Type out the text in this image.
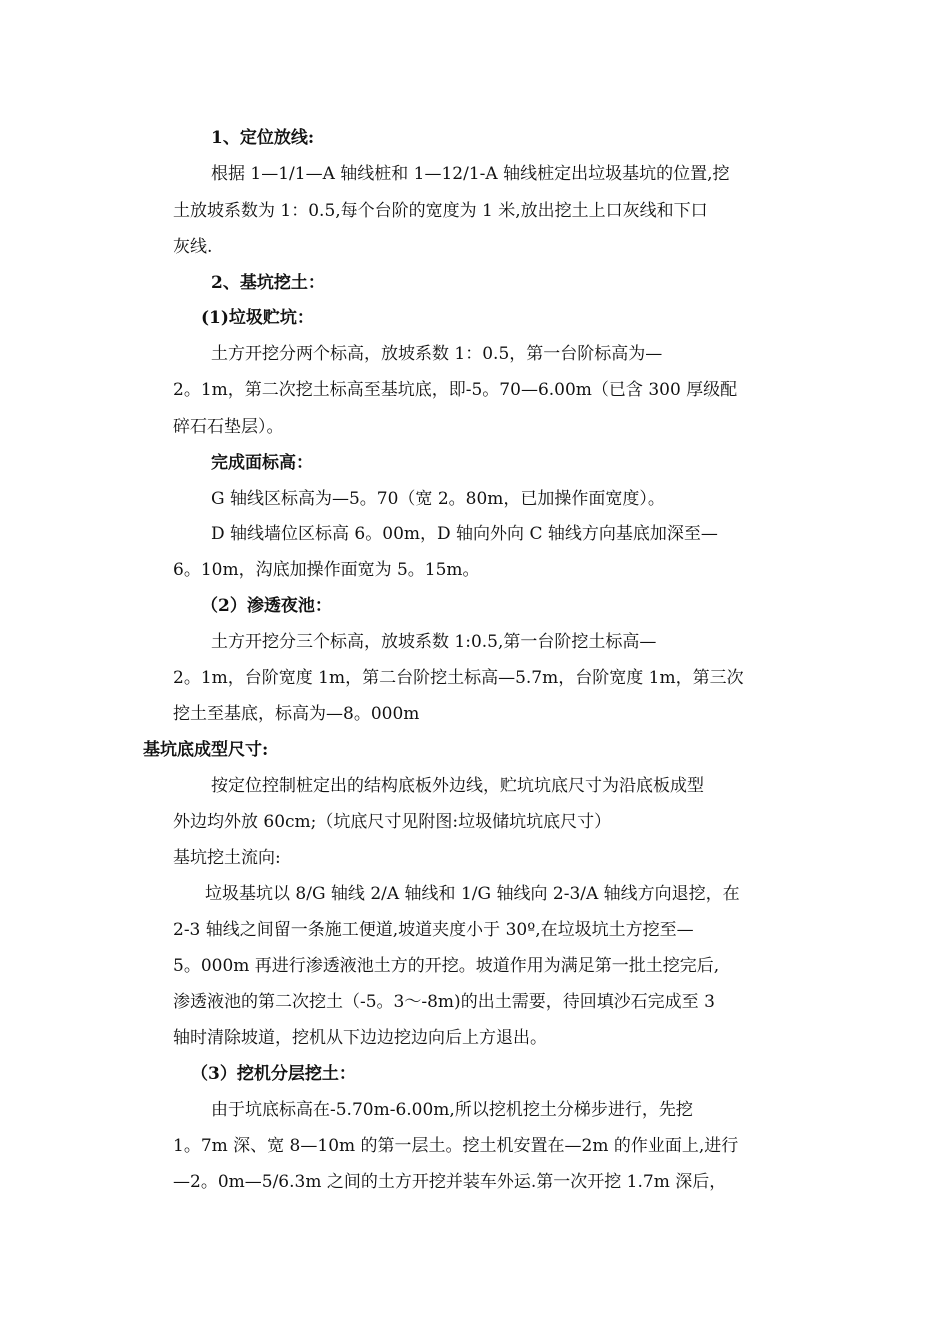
1、定位放线:
根据 1—1/1—A 轴线桩和 1—12/1-A 轴线桩定出垃圾基坑的位置,挖
土放坡系数为 1：0.5,每个台阶的宽度为 1 米,放出挖土上口灰线和下口
灰线.
2、基坑挖土：
(1)垃圾贮坑：
土方开挖分两个标高，放坡系数 1：0.5，第一台阶标高为—
2。1m，第二次挖土标高至基坑底，即-5。70—6.00m（已含 300 厚级配
碎石石垫层）。
完成面标高：
G 轴线区标高为—5。70（宽 2。80m，已加操作面宽度）。
D 轴线墙位区标高 6。00m，D 轴向外向 C 轴线方向基底加深至—
6。10m，沟底加操作面宽为 5。15m。
（2）渗透夜池：
土方开挖分三个标高，放坡系数 1:0.5,第一台阶挖土标高—
2。1m，台阶宽度 1m，第二台阶挖土标高—5.7m，台阶宽度 1m，第三次
挖土至基底，标高为—8。000m
基坑底成型尺寸:
按定位控制桩定出的结构底板外边线，贮坑坑底尺寸为沿底板成型
外边均外放 60cm;（坑底尺寸见附图:垃圾储坑坑底尺寸）
基坑挖土流向:
垃圾基坑以 8/G 轴线 2/A 轴线和 1/G 轴线向 2-3/A 轴线方向退挖，在
2-3 轴线之间留一条施工便道,坡道夹度小于 30º,在垃圾坑土方挖至—
5。000m 再进行渗透液池土方的开挖。坡道作用为满足第一批土挖完后,
渗透液池的第二次挖土（-5。3～-8m)的出土需要，待回填沙石完成至 3
轴时清除坡道，挖机从下边边挖边向后上方退出。
（3）挖机分层挖土：
由于坑底标高在-5.70m-6.00m,所以挖机挖土分梯步进行，先挖
1。7m 深、宽 8—10m 的第一层土。挖土机安置在—2m 的作业面上,进行
—2。0m—5/6.3m 之间的土方开挖并装车外运.第一次开挖 1.7m 深后，
